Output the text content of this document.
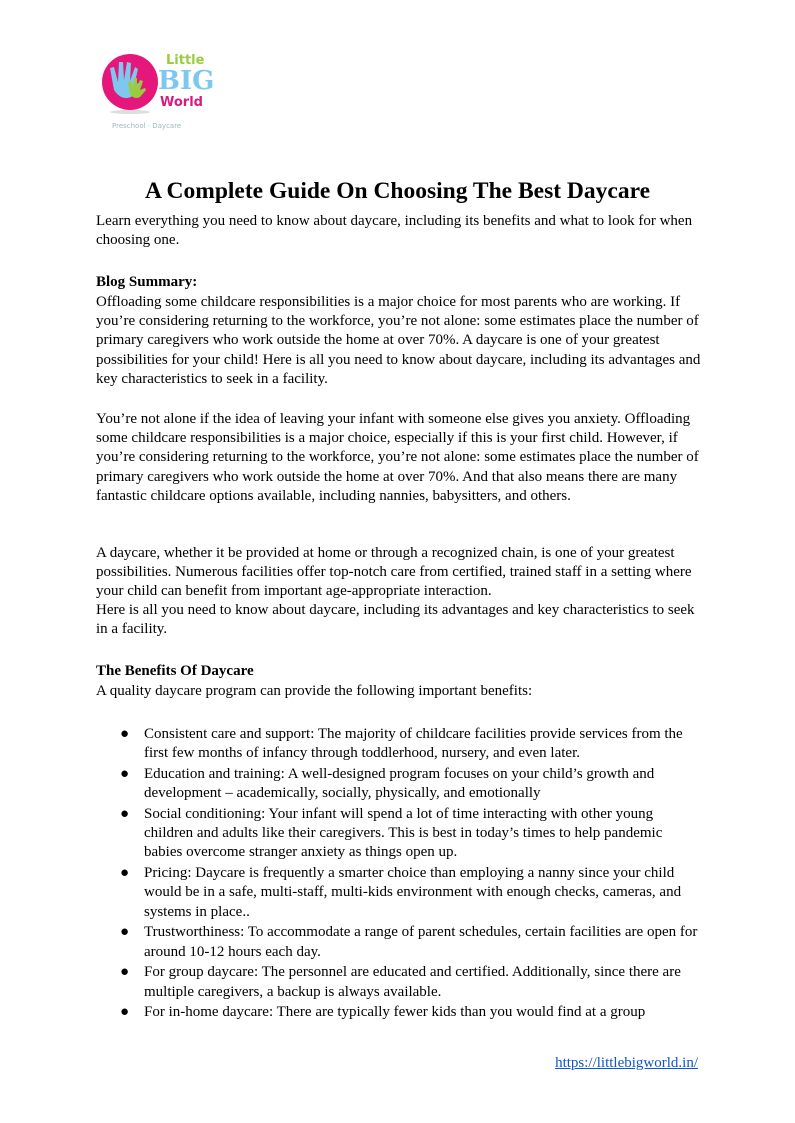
Little
BIG
World
Preschool · Daycare
A Complete Guide On Choosing The Best Daycare

Learn everything you need to know about daycare, including its benefits and what to look for when choosing one.

Blog Summary:

Offloading some childcare responsibilities is a major choice for most parents who are working. If you’re considering returning to the workforce, you’re not alone: some estimates place the number of primary caregivers who work outside the home at over 70%. A daycare is one of your greatest possibilities for your child! Here is all you need to know about daycare, including its advantages and key characteristics to seek in a facility.

You’re not alone if the idea of leaving your infant with someone else gives you anxiety. Offloading some childcare responsibilities is a major choice, especially if this is your first child. However, if you’re considering returning to the workforce, you’re not alone: some estimates place the number of primary caregivers who work outside the home at over 70%. And that also means there are many fantastic childcare options available, including nannies, babysitters, and others.

A daycare, whether it be provided at home or through a recognized chain, is one of your greatest possibilities. Numerous facilities offer top-notch care from certified, trained staff in a setting where your child can benefit from important age-appropriate interaction.

Here is all you need to know about daycare, including its advantages and key characteristics to seek in a facility.

The Benefits Of Daycare

A quality daycare program can provide the following important benefits:

● Consistent care and support: The majority of childcare facilities provide services from the first few months of infancy through toddlerhood, nursery, and even later.
● Education and training: A well-designed program focuses on your child’s growth and development – academically, socially, physically, and emotionally
● Social conditioning: Your infant will spend a lot of time interacting with other young children and adults like their caregivers. This is best in today’s times to help pandemic babies overcome stranger anxiety as things open up.
● Pricing: Daycare is frequently a smarter choice than employing a nanny since your child would be in a safe, multi-staff, multi-kids environment with enough checks, cameras, and systems in place..
● Trustworthiness: To accommodate a range of parent schedules, certain facilities are open for around 10-12 hours each day.
● For group daycare: The personnel are educated and certified. Additionally, since there are multiple caregivers, a backup is always available.
● For in-home daycare: There are typically fewer kids than you would find at a group
https://littlebigworld.in/
